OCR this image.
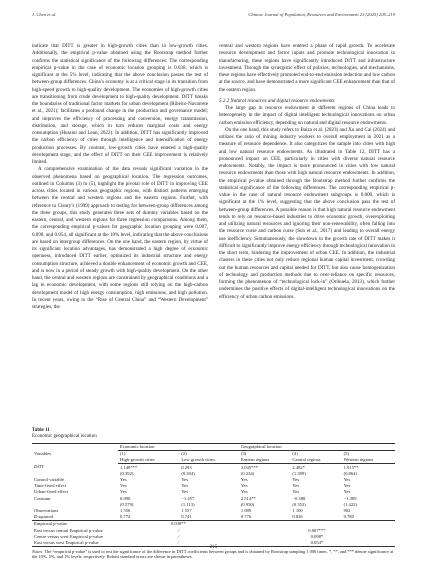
J. Chen et al.	Chinese Journal of Population, Resources and Environment 23 (2025) 209–219

indicate that DITT is greater in high-growth cities than in low-growth cities. Additionally, the empirical p-value obtained using the Bootstrap method further confirms the statistical significance of the following differences: The corresponding empirical p-value in the case of economic location grouping is 0.038, which is significant at the 5% level, indicating that the above conclusion passes the test of between-group differences. China’s economy is at a critical stage in its transition from high-speed growth to high-quality development. The economies of high-growth cities are transitioning from crude development to high-quality development. DITT breaks the boundaries of traditional factor markets for urban development (Ribeiro-Navarrete et al., 2021); facilitates a profound change in the production and governance model; and improves the efficiency of processing and conversion, energy transmission, distribution, and storage, which in turn reduces marginal costs and energy consumption (Hussini and Lean, 2022). In addition, DITT has significantly improved the carbon efficiency of cities through intelligence and intensification of energy production processes. By contrast, low-growth cities have entered a high-quality development stage, and the effect of DITT on their CEE improvement is relatively limited.

A comprehensive examination of the data reveals significant variation in the observed phenomena based on geographical location. The regression outcomes, outlined in Columns (3) to (5), highlight the pivotal role of DITT in improving CEE across cities located in various geographic regions, with distinct patterns emerging between the central and western regions and the eastern regions. Further, with reference to Cleary’s (1999) approach to testing for between-group differences among the three groups, this study generates three sets of dummy variables based on the eastern, central, and western regions for three regression comparisons. Among them, the corresponding empirical p-values for geographic location grouping were 0.007, 0.098, and 0.054, all significant at the 10% level, indicating that the above conclusions are based on intergroup differences. On the one hand, the eastern region, by virtue of its significant location advantages, has demonstrated a high degree of economic openness, introduced DITT earlier, optimized its industrial structure and energy consumption structure, achieved a double enhancement of economic growth and CEE, and is now in a period of steady growth with high-quality development. On the other hand, the central and western regions are constrained by geographical conditions and a lag in economic development, with some regions still relying on the high-carbon development model of high energy consumption, high emissions, and high pollution. In recent years, owing to the “Rise of Central China” and “Western Development” strategies, the

central and western regions have entered a phase of rapid growth. To accelerate resource development and factor inputs and promote technological innovation in manufacturing, these regions have significantly introduced DITT and infrastructure investment. Through the synergistic effect of policies, technologies, and mechanisms, these regions have effectively promoted end-to-end emission reduction and low carbon at the source, and have demonstrated a more significant CEE enhancement than that of the eastern region.

5.2.2 Natural resources and digital resource endowments

The large gap in resource endowment in different regions of China leads to heterogeneity in the impact of digital intelligent technological innovations on urban carbon emission efficiency, depending on natural and digital resource endowments.

On the one hand, this study refers to Baiza et al. (2023) and Xu and Cai (2024) and utilizes the ratio of mining industry workers to overall employment in 2021 as a measure of resource dependence. It also categorizes the sample into cities with high and low natural resource endowments. As illustrated in Table 12, DITT has a pronounced impact on CEE, particularly in cities with diverse natural resource endowments. Notably, the impact is more pronounced in cities with low natural resource endowments than those with high natural resource endowments. In addition, the empirical p-value obtained through the Bootstrap method further confirms the statistical significance of the following differences. The corresponding empirical p-value in the case of natural resource endowment subgroups is 0.000, which is significant at the 1% level, suggesting that the above conclusion pass the test of between-group differences. A possible reason is that high natural resource endowment tends to rely on resource-based industries to drive economic growth, overexploiting and utilizing natural resources and ignoring their non-renewability, often falling into the resource curse and carbon curse (Sun et al., 2017) and leading to overall energy use inefficiency. Simultaneously, the slowdown in the growth rate of DITT makes it difficult to significantly improve energy efficiency through technological innovation in the short term, hindering the improvement of urban CEE. In addition, the industrial clusters in these cities not only reduce regional human capital investment, crowding out the human resources and capital needed for DITT, but also cause homogenization of technology and production methods due to over-reliance on specific resources, forming the phenomenon of “technological lock-in” (Orihuela, 2013), which further undermines the positive effects of digital-intelligent technological innovations on the efficiency of urban carbon emissions.

Table 11
Economic geographical location
Variables	Economic location		Geographical location		
	(1)	(2)	(3)	(4)	(5)
	High-growth cities	Low growth cities	Eastern regions	Central regions	Western regions
DITT	1.149***	0.293	3.045***	2.482*	1.915**
	(0.392)	(0.304)	(0.234)	(1.399)	(0.864)
Control variable	Yes	Yes	Yes	Yes	Yes
Time-fixed effect	Yes	Yes	Yes	Yes	Yes
Urban-fixed effect	Yes	Yes	Yes	Yes	Yes
Constant	0.090	−1.457	2.514**	−0.388	−1.309
	(0.579)	(1.113)	(0.950)	(0.353)	(1.422)
Observations	1 556	1 557	1 089	1 100	902
R-squared	0.774	0.741	0.776	0.826	0.780
Empirical p-value	0.038**				
East versus central Empirical p-value	⁄		0.007***		
Centre versus west Empirical p-value	⁄		0.098*		
East versus west Empirical p-value	⁄		0.054*		
Notes: The “empirical p-value” is used to test the significance of the difference in DITT coefficients between groups and is obtained by Bootstrap sampling 1 000 times. *, **, and *** denote significance at the 10%, 5%, and 1% levels, respectively. Robust standard errors are shown in parentheses.
215
